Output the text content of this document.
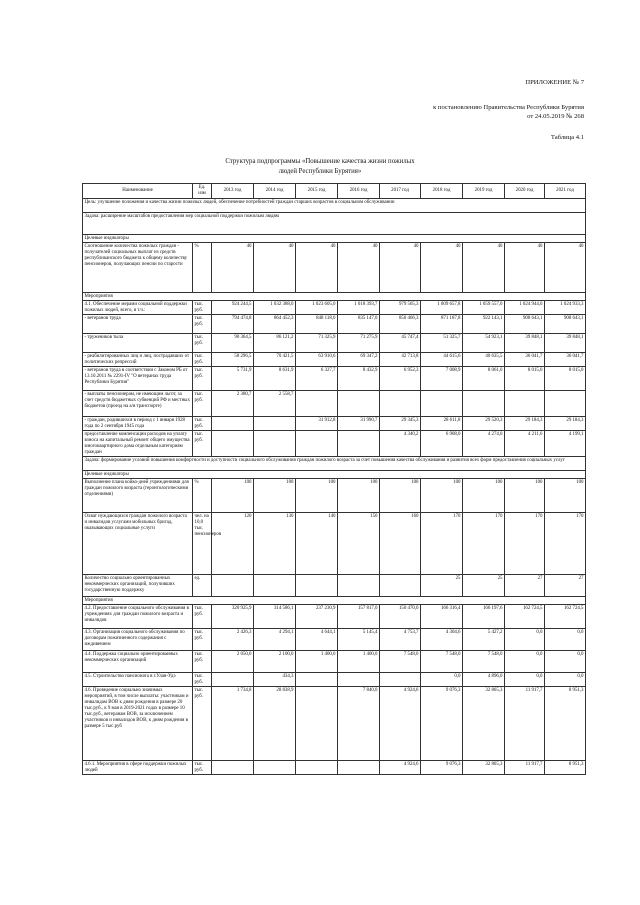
ПРИЛОЖЕНИЕ № 7
к постановлению Правительства Республики Бурятия
от 24.05.2019 № 268
Таблица 4.1
Структура подпрограммы «Повышение качества жизни пожилых
людей Республики Бурятия»
Наименование	Ед. изм	2013 год	2014 год	2015 год	2016 год	2017 год	2018 год	2019 год	2020 год	2021 год
Цель: улучшение положения и качества жизни пожилых людей, обеспечение потребностей граждан старших возрастов в социальном обслуживании										
Задача: расширение масштабов предоставления мер социальной поддержки пожилым людям										
Целевые индикаторы										
Соотношение количества пожилых граждан - получателей социальных выплат из средств республиканского бюджета к общему количеству пенсионеров, получающих пенсии по старости	%	40	40	40	40	40	40	40	40	40
Мероприятия										
4.1. Обеспечение мерами социальной поддержки пожилых людей, всего, в т.ч.:	тыс. руб.	924 244,5	1 032 388,0	1 023 605,0	1 018 393,7	979 565,3	1 009 657,8	1 059 557,0	1 024 944,0	1 024 933,3
- ветеранов труда	тыс. руб.	794 474,8	864 452,3	848 118,0	835 147,0	850 466,3	871 187,8	922 143,1	908 643,1	908 643,1
- тружеников тыла	тыс. руб.	90 364,5	86 121,2	71 325,9	71 275,9	45 747,4	51 325,7	54 923,1	39 848,1	39 848,1
- реабилитированных лиц и лиц, пострадавших от политических репрессий	тыс. руб.	58 296,5	70 421,5	63 910,6	69 347,2	42 713,8	44 615,6	40 635,5	36 041,7	36 041,7
- ветеранов труда в соответствии с Законом РБ от 13.10.2011 № 2291-IV "О ветеранах труда Республики Бурятия"	тыс. руб.	5 731,9	8 631,9	6 327,7	8 432,9	6 952,3	7 008,9	8 061,0	8 015,0	8 015,0
- выплаты пенсионерам, не имеющим льгот, за счет средств бюджетных субвенций РФ и местных бюджетов (проезд на а/в транспорте)	тыс. руб.	2 380,7	2 558,7							
- граждан, родившихся в период с 1 января 1928 года по 2 сентября 1945 года	тыс. руб.			31 912,8	31 990,7	29 345,3	28 611,8	29 520,3	29 184,3	29 184,3
предоставление компенсации расходов на уплату взноса на капитальный ремонт общего имущества многоквартирного дома отдельным категориям граждан	тыс. руб.					4 340,2	6 908,0	4 274,0	4 211,6	4 199,1
Задача: формирование условий повышения комфортности и доступности социального обслуживания граждан пожилого возраста за счет повышения качества обслуживания и развития всех форм предоставления социальных услуг										
Целевые индикаторы										
Выполнение плана койко-дней учреждениями для граждан пожилого возраста (геронтологическими отделениями)	%	100	100	100	100	100	100	100	100	100
Охват нуждающихся граждан пожилого возраста и инвалидов услугами мобильных бригад, оказывающих социальные услуги	чел. на 10,0 тыс. пенсионеров	120	130	140	150	160	170	170	170	170
Количество социально ориентированных некоммерческих организаций, получивших государственную поддержку	ед.						25	25	27	27
Мероприятия										
4.2. Предоставление социального обслуживания в учреждениях для граждан пожилого возраста и инвалидов	тыс. руб.	320 925,9	314 586,1	237 230,9	157 817,0	150 470,0	166 316,4	166 197,6	162 724,5	162 724,5
4.3. Организация социального обслуживания по договорам пожизненного содержания с иждивением	тыс. руб.	2 426,3	4 294,1	4 644,1	5 145,4	4 753,7	4 304,6	5 427,2	0,0	0,0
4.4. Поддержка социально ориентированных некоммерческих организаций	тыс. руб.	2 050,0	2 100,0	1 400,0	1 400,0	7 548,0	7 548,0	7 548,0	0,0	0,0
4.5. Строительство пансионата в г.Улан-Удэ	тыс. руб.		434,3				0,0	4 896,0	0,0	0,0
4.6. Проведение социально значимых мероприятий, в том числе выплаты: участникам и инвалидам ВОВ к дням рождения в размере 20 тыс.руб., к 9 мая в 2019-2021 годах в размере 10 тыс.руб., ветеранам ВОВ, за исключением участников и инвалидов ВОВ, к дням рождения в размере 5 тыс.руб	тыс. руб.	1 734,8	28 838,9		7 840,0	4 924,6	9 076,3	32 865,3	11 917,7	8 951,3
4.6.1. Мероприятия в сфере поддержки пожилых людей	тыс. руб.					4 924,6	9 076,3	32 865,3	11 917,7	8 951,3
